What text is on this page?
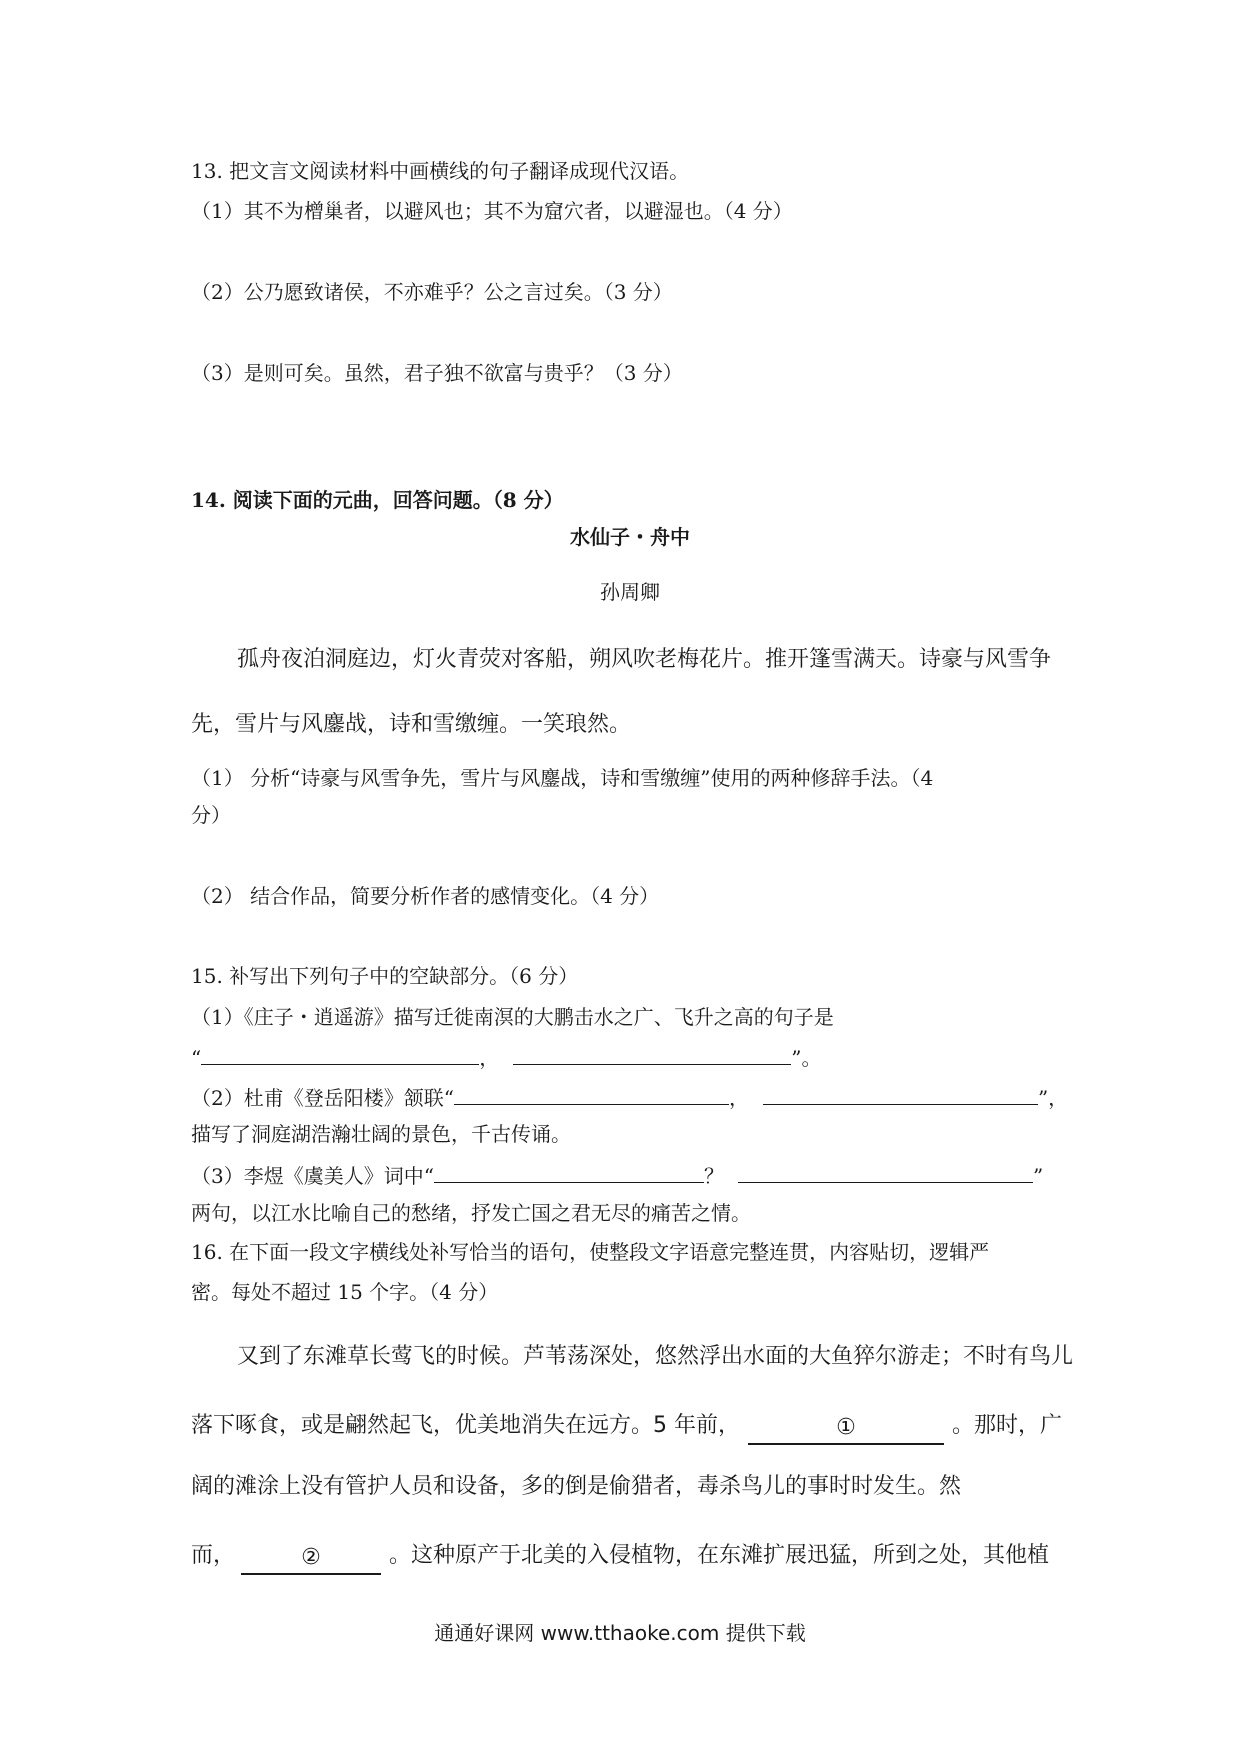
13. 把文言文阅读材料中画横线的句子翻译成现代汉语。
（1）其不为橧巢者，以避风也；其不为窟穴者，以避湿也。（4 分）
（2）公乃愿致诸侯，不亦难乎？公之言过矣。（3 分）
（3）是则可矣。虽然，君子独不欲富与贵乎？（3 分）
14. 阅读下面的元曲，回答问题。（8 分）
水仙子・舟中
孙周卿
孤舟夜泊洞庭边，灯火青荧对客船，朔风吹老梅花片。推开篷雪满天。诗豪与风雪争
先，雪片与风鏖战，诗和雪缴缠。一笑琅然。
（1） 分析“诗豪与风雪争先，雪片与风鏖战，诗和雪缴缠”使用的两种修辞手法。（4
分）
（2） 结合作品，简要分析作者的感情变化。（4 分）
15. 补写出下列句子中的空缺部分。（6 分）
（1）《庄子・逍遥游》描写迁徙南溟的大鹏击水之广、飞升之高的句子是
“	，	”。
（2）杜甫《登岳阳楼》颔联“	，	”，
描写了洞庭湖浩瀚壮阔的景色，千古传诵。
（3）李煜《虞美人》词中“	？	”
两句，以江水比喻自己的愁绪，抒发亡国之君无尽的痛苦之情。
16. 在下面一段文字横线处补写恰当的语句，使整段文字语意完整连贯，内容贴切，逻辑严
密。每处不超过 15 个字。（4 分）
又到了东滩草长莺飞的时候。芦苇荡深处，悠然浮出水面的大鱼猝尔游走；不时有鸟儿
落下啄食，或是翩然起飞，优美地消失在远方。5 年前，	①	。那时，广
阔的滩涂上没有管护人员和设备，多的倒是偷猎者，毒杀鸟儿的事时时发生。然
而，	②	。这种原产于北美的入侵植物，在东滩扩展迅猛，所到之处，其他植
通通好课网 www.tthaoke.com 提供下载
